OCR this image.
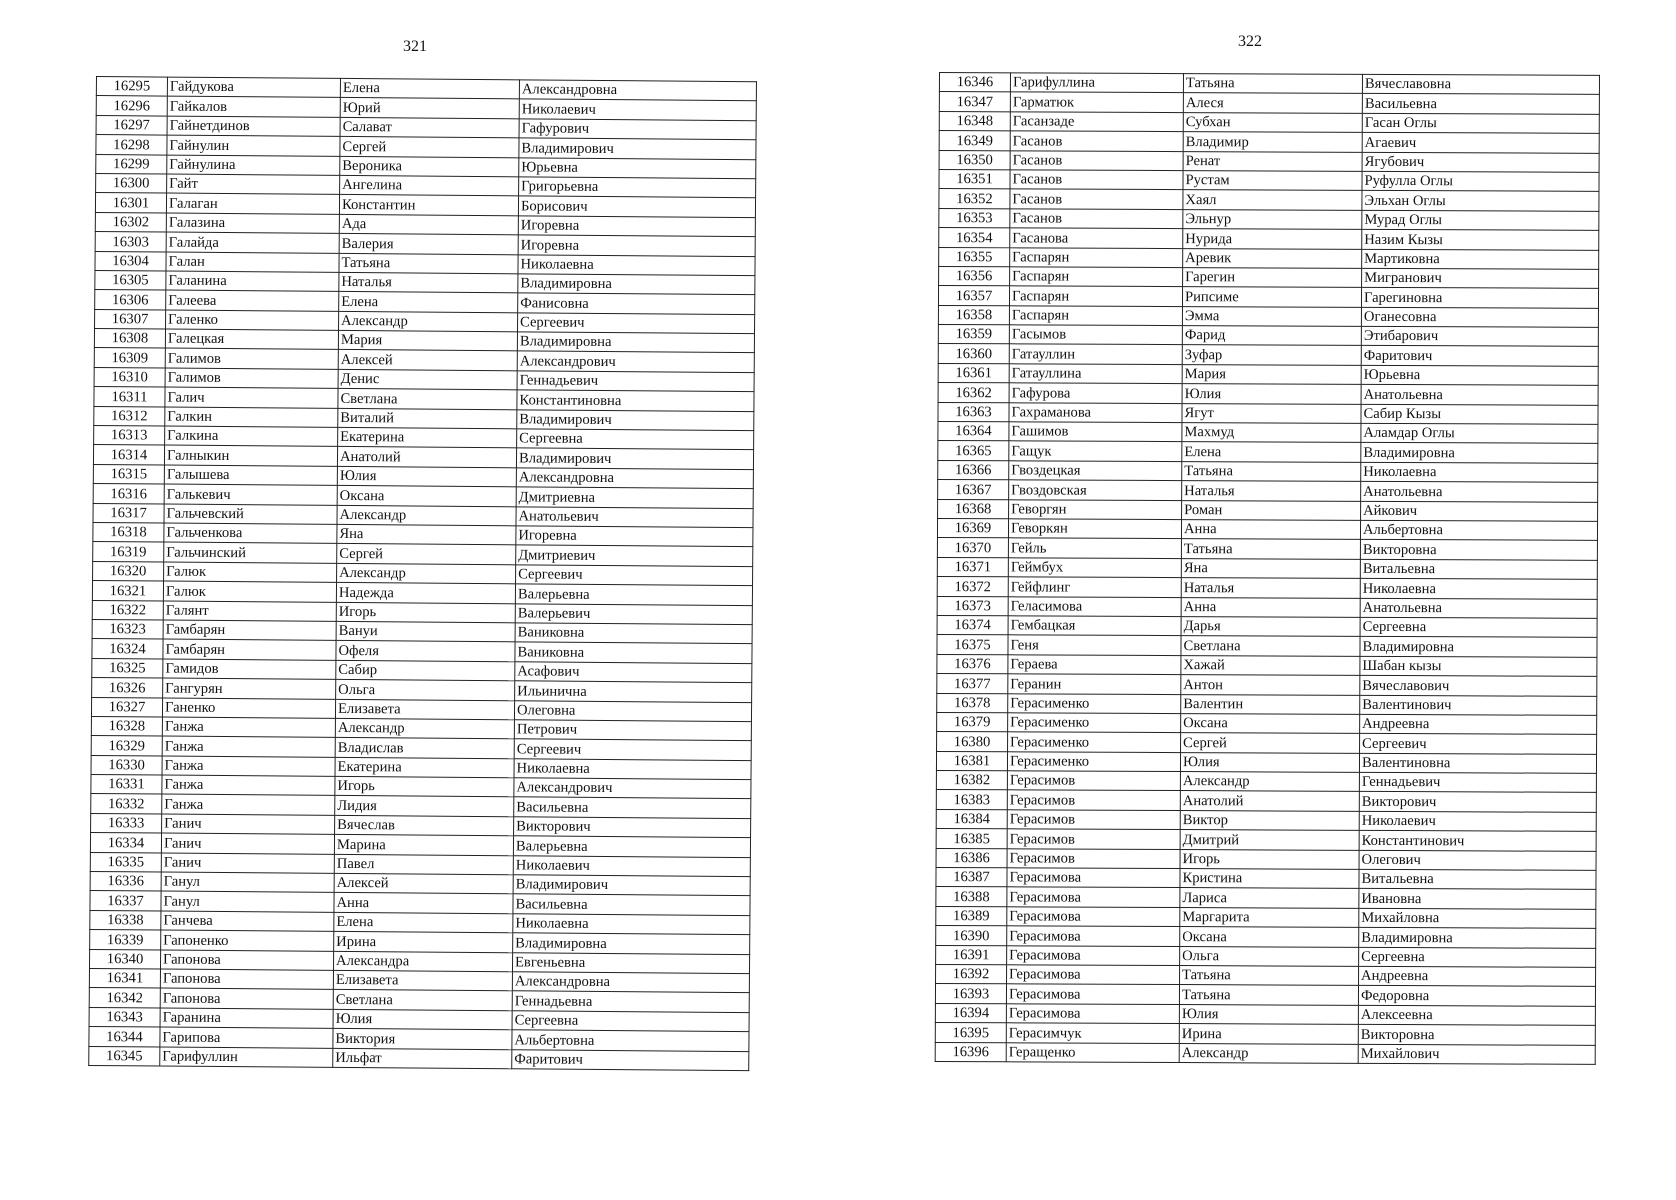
321
16295	Гайдукова	Елена	Александровна
16296	Гайкалов	Юрий	Николаевич
16297	Гайнетдинов	Салават	Гафурович
16298	Гайнулин	Сергей	Владимирович
16299	Гайнулина	Вероника	Юрьевна
16300	Гайт	Ангелина	Григорьевна
16301	Галаган	Константин	Борисович
16302	Галазина	Ада	Игоревна
16303	Галайда	Валерия	Игоревна
16304	Галан	Татьяна	Николаевна
16305	Галанина	Наталья	Владимировна
16306	Галеева	Елена	Фанисовна
16307	Галенко	Александр	Сергеевич
16308	Галецкая	Мария	Владимировна
16309	Галимов	Алексей	Александрович
16310	Галимов	Денис	Геннадьевич
16311	Галич	Светлана	Константиновна
16312	Галкин	Виталий	Владимирович
16313	Галкина	Екатерина	Сергеевна
16314	Галныкин	Анатолий	Владимирович
16315	Галышева	Юлия	Александровна
16316	Галькевич	Оксана	Дмитриевна
16317	Гальчевский	Александр	Анатольевич
16318	Гальченкова	Яна	Игоревна
16319	Гальчинский	Сергей	Дмитриевич
16320	Галюк	Александр	Сергеевич
16321	Галюк	Надежда	Валерьевна
16322	Галянт	Игорь	Валерьевич
16323	Гамбарян	Вануи	Ваниковна
16324	Гамбарян	Офеля	Ваниковна
16325	Гамидов	Сабир	Асафович
16326	Гангурян	Ольга	Ильинична
16327	Ганенко	Елизавета	Олеговна
16328	Ганжа	Александр	Петрович
16329	Ганжа	Владислав	Сергеевич
16330	Ганжа	Екатерина	Николаевна
16331	Ганжа	Игорь	Александрович
16332	Ганжа	Лидия	Васильевна
16333	Ганич	Вячеслав	Викторович
16334	Ганич	Марина	Валерьевна
16335	Ганич	Павел	Николаевич
16336	Ганул	Алексей	Владимирович
16337	Ганул	Анна	Васильевна
16338	Ганчева	Елена	Николаевна
16339	Гапоненко	Ирина	Владимировна
16340	Гапонова	Александра	Евгеньевна
16341	Гапонова	Елизавета	Александровна
16342	Гапонова	Светлана	Геннадьевна
16343	Гаранина	Юлия	Сергеевна
16344	Гарипова	Виктория	Альбертовна
16345	Гарифуллин	Ильфат	Фаритович
322
16346	Гарифуллина	Татьяна	Вячеславовна
16347	Гарматюк	Алеся	Васильевна
16348	Гасанзаде	Субхан	Гасан Оглы
16349	Гасанов	Владимир	Агаевич
16350	Гасанов	Ренат	Ягубович
16351	Гасанов	Рустам	Руфулла Оглы
16352	Гасанов	Хаял	Эльхан Оглы
16353	Гасанов	Эльнур	Мурад Оглы
16354	Гасанова	Нурида	Назим Кызы
16355	Гаспарян	Аревик	Мартиковна
16356	Гаспарян	Гарегин	Мигранович
16357	Гаспарян	Рипсиме	Гарегиновна
16358	Гаспарян	Эмма	Оганесовна
16359	Гасымов	Фарид	Этибарович
16360	Гатауллин	Зуфар	Фаритович
16361	Гатауллина	Мария	Юрьевна
16362	Гафурова	Юлия	Анатольевна
16363	Гахраманова	Ягут	Сабир Кызы
16364	Гашимов	Махмуд	Аламдар Оглы
16365	Гащук	Елена	Владимировна
16366	Гвоздецкая	Татьяна	Николаевна
16367	Гвоздовская	Наталья	Анатольевна
16368	Геворгян	Роман	Айкович
16369	Геворкян	Анна	Альбертовна
16370	Гейль	Татьяна	Викторовна
16371	Геймбух	Яна	Витальевна
16372	Гейфлинг	Наталья	Николаевна
16373	Геласимова	Анна	Анатольевна
16374	Гембацкая	Дарья	Сергеевна
16375	Геня	Светлана	Владимировна
16376	Гераева	Хажай	Шабан кызы
16377	Геранин	Антон	Вячеславович
16378	Герасименко	Валентин	Валентинович
16379	Герасименко	Оксана	Андреевна
16380	Герасименко	Сергей	Сергеевич
16381	Герасименко	Юлия	Валентиновна
16382	Герасимов	Александр	Геннадьевич
16383	Герасимов	Анатолий	Викторович
16384	Герасимов	Виктор	Николаевич
16385	Герасимов	Дмитрий	Константинович
16386	Герасимов	Игорь	Олегович
16387	Герасимова	Кристина	Витальевна
16388	Герасимова	Лариса	Ивановна
16389	Герасимова	Маргарита	Михайловна
16390	Герасимова	Оксана	Владимировна
16391	Герасимова	Ольга	Сергеевна
16392	Герасимова	Татьяна	Андреевна
16393	Герасимова	Татьяна	Федоровна
16394	Герасимова	Юлия	Алексеевна
16395	Герасимчук	Ирина	Викторовна
16396	Геращенко	Александр	Михайлович
